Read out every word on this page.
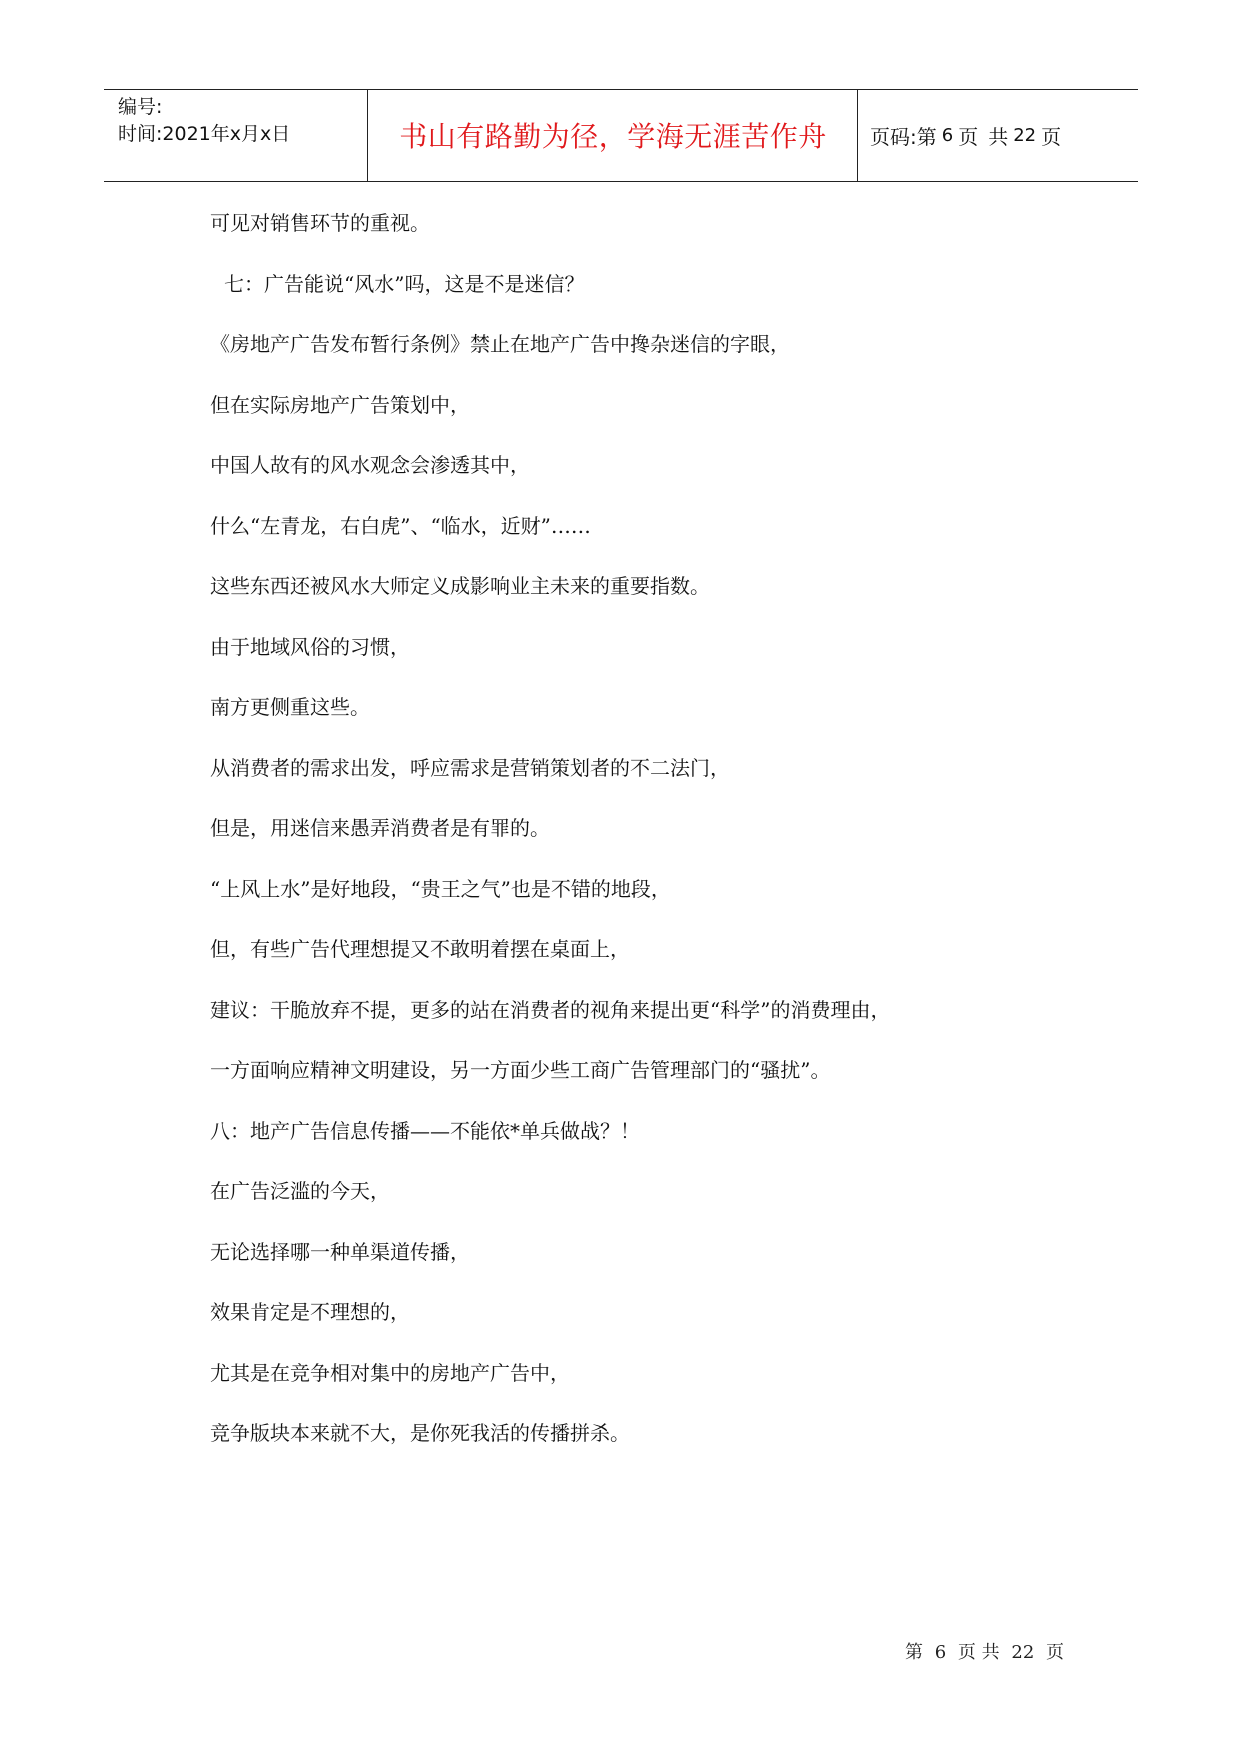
编号:
时间:2021年x月x日	书山有路勤为径，学海无涯苦作舟	页码:第 6 页 共 22 页
可见对销售环节的重视。
七：广告能说“风水”吗，这是不是迷信？
《房地产广告发布暂行条例》禁止在地产广告中搀杂迷信的字眼，
但在实际房地产广告策划中，
中国人故有的风水观念会渗透其中，
什么“左青龙，右白虎”、“临水，近财”……
这些东西还被风水大师定义成影响业主未来的重要指数。
由于地域风俗的习惯，
南方更侧重这些。
从消费者的需求出发，呼应需求是营销策划者的不二法门，
但是，用迷信来愚弄消费者是有罪的。
“上风上水”是好地段，“贵王之气”也是不错的地段，
但，有些广告代理想提又不敢明着摆在桌面上，
建议：干脆放弃不提，更多的站在消费者的视角来提出更“科学”的消费理由，
一方面响应精神文明建设，另一方面少些工商广告管理部门的“骚扰”。
八：地产广告信息传播——不能依*单兵做战？！
在广告泛滥的今天，
无论选择哪一种单渠道传播，
效果肯定是不理想的，
尤其是在竞争相对集中的房地产广告中，
竞争版块本来就不大，是你死我活的传播拼杀。
第 6 页 共 22 页
